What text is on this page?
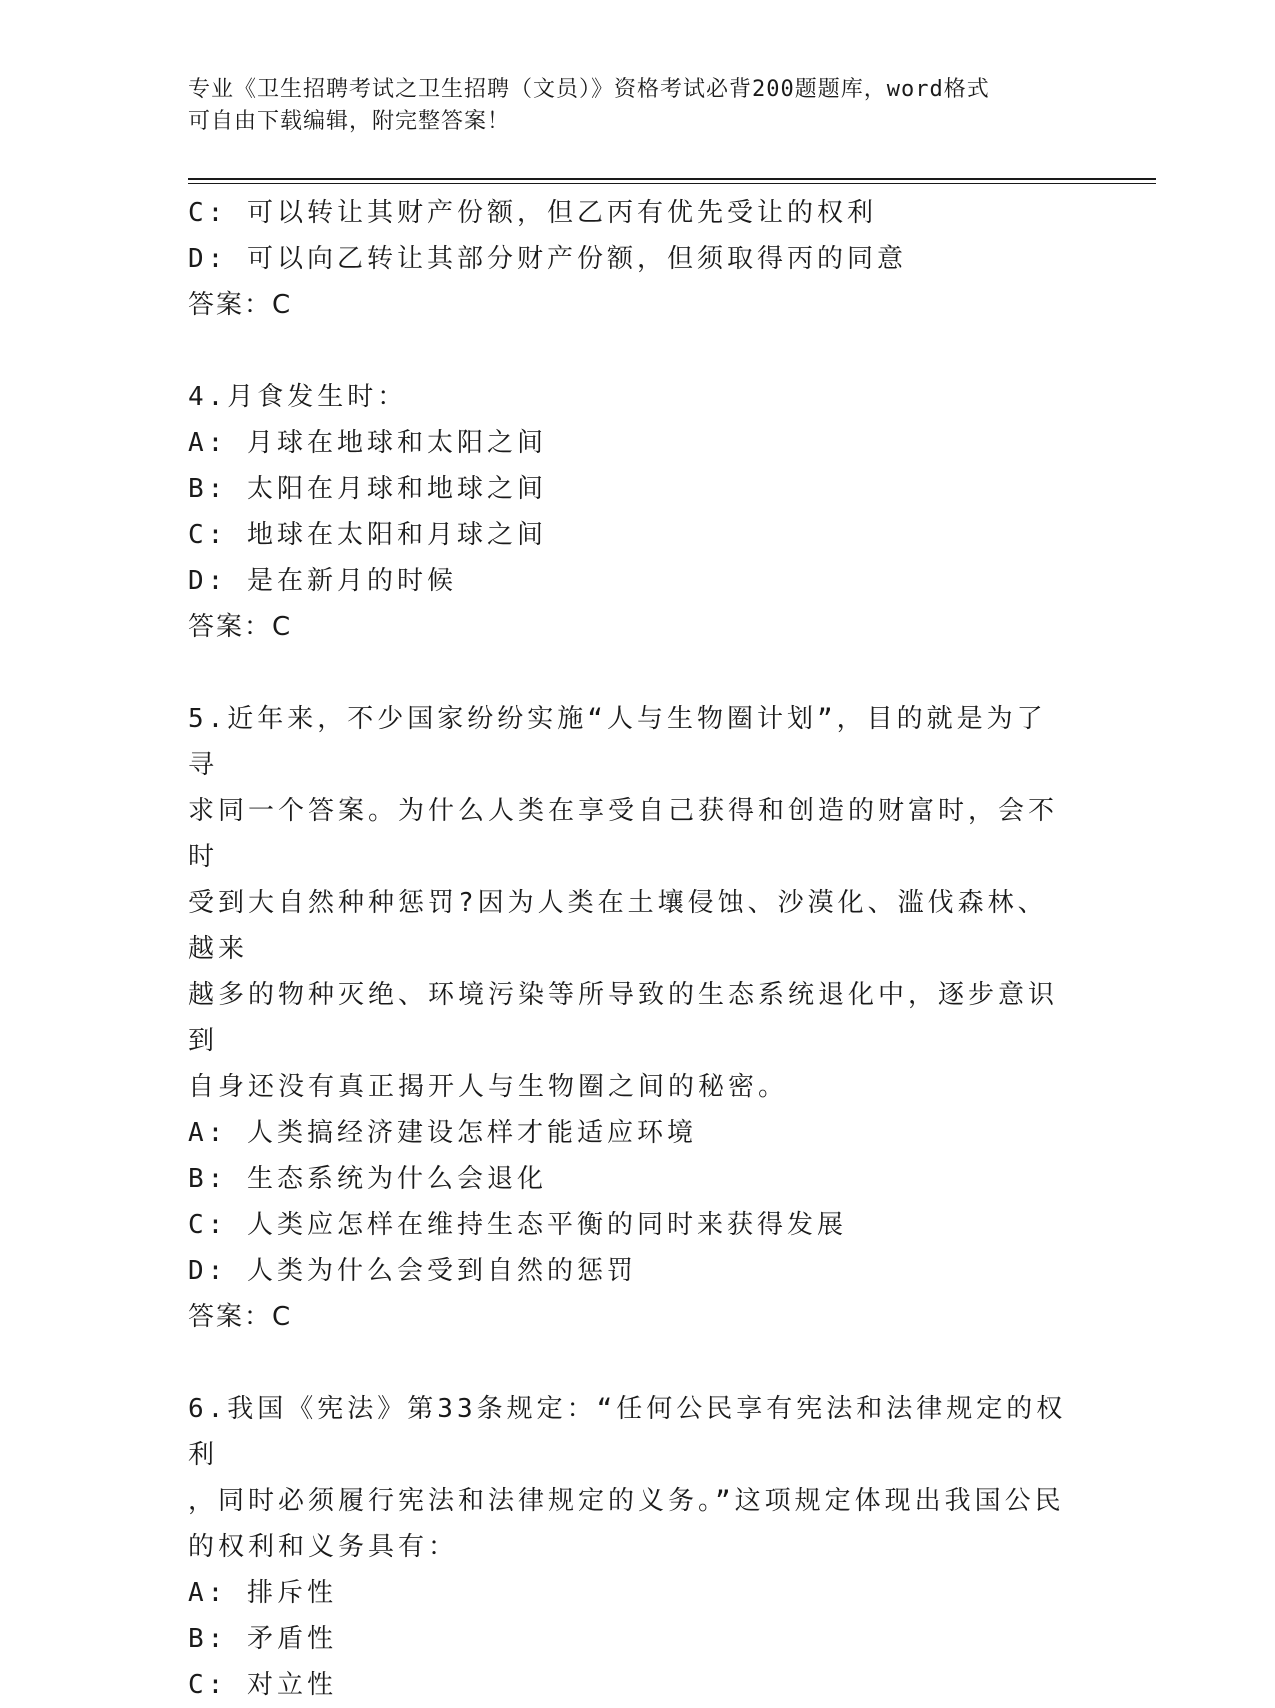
专业《卫生招聘考试之卫生招聘（文员）》资格考试必背200题题库，word格式
可自由下载编辑，附完整答案！

C: 可以转让其财产份额，但乙丙有优先受让的权利

D: 可以向乙转让其部分财产份额，但须取得丙的同意

答案：C

4.月食发生时：

A: 月球在地球和太阳之间

B: 太阳在月球和地球之间

C: 地球在太阳和月球之间

D: 是在新月的时候

答案：C

5.近年来，不少国家纷纷实施“人与生物圈计划”，目的就是为了寻

求同一个答案。为什么人类在享受自己获得和创造的财富时，会不时

受到大自然种种惩罚?因为人类在土壤侵蚀、沙漠化、滥伐森林、越来

越多的物种灭绝、环境污染等所导致的生态系统退化中，逐步意识到

自身还没有真正揭开人与生物圈之间的秘密。

A: 人类搞经济建设怎样才能适应环境

B: 生态系统为什么会退化

C: 人类应怎样在维持生态平衡的同时来获得发展

D: 人类为什么会受到自然的惩罚

答案：C

6.我国《宪法》第33条规定：“任何公民享有宪法和法律规定的权利

，同时必须履行宪法和法律规定的义务。”这项规定体现出我国公民

的权利和义务具有：

A: 排斥性

B: 矛盾性

C: 对立性
